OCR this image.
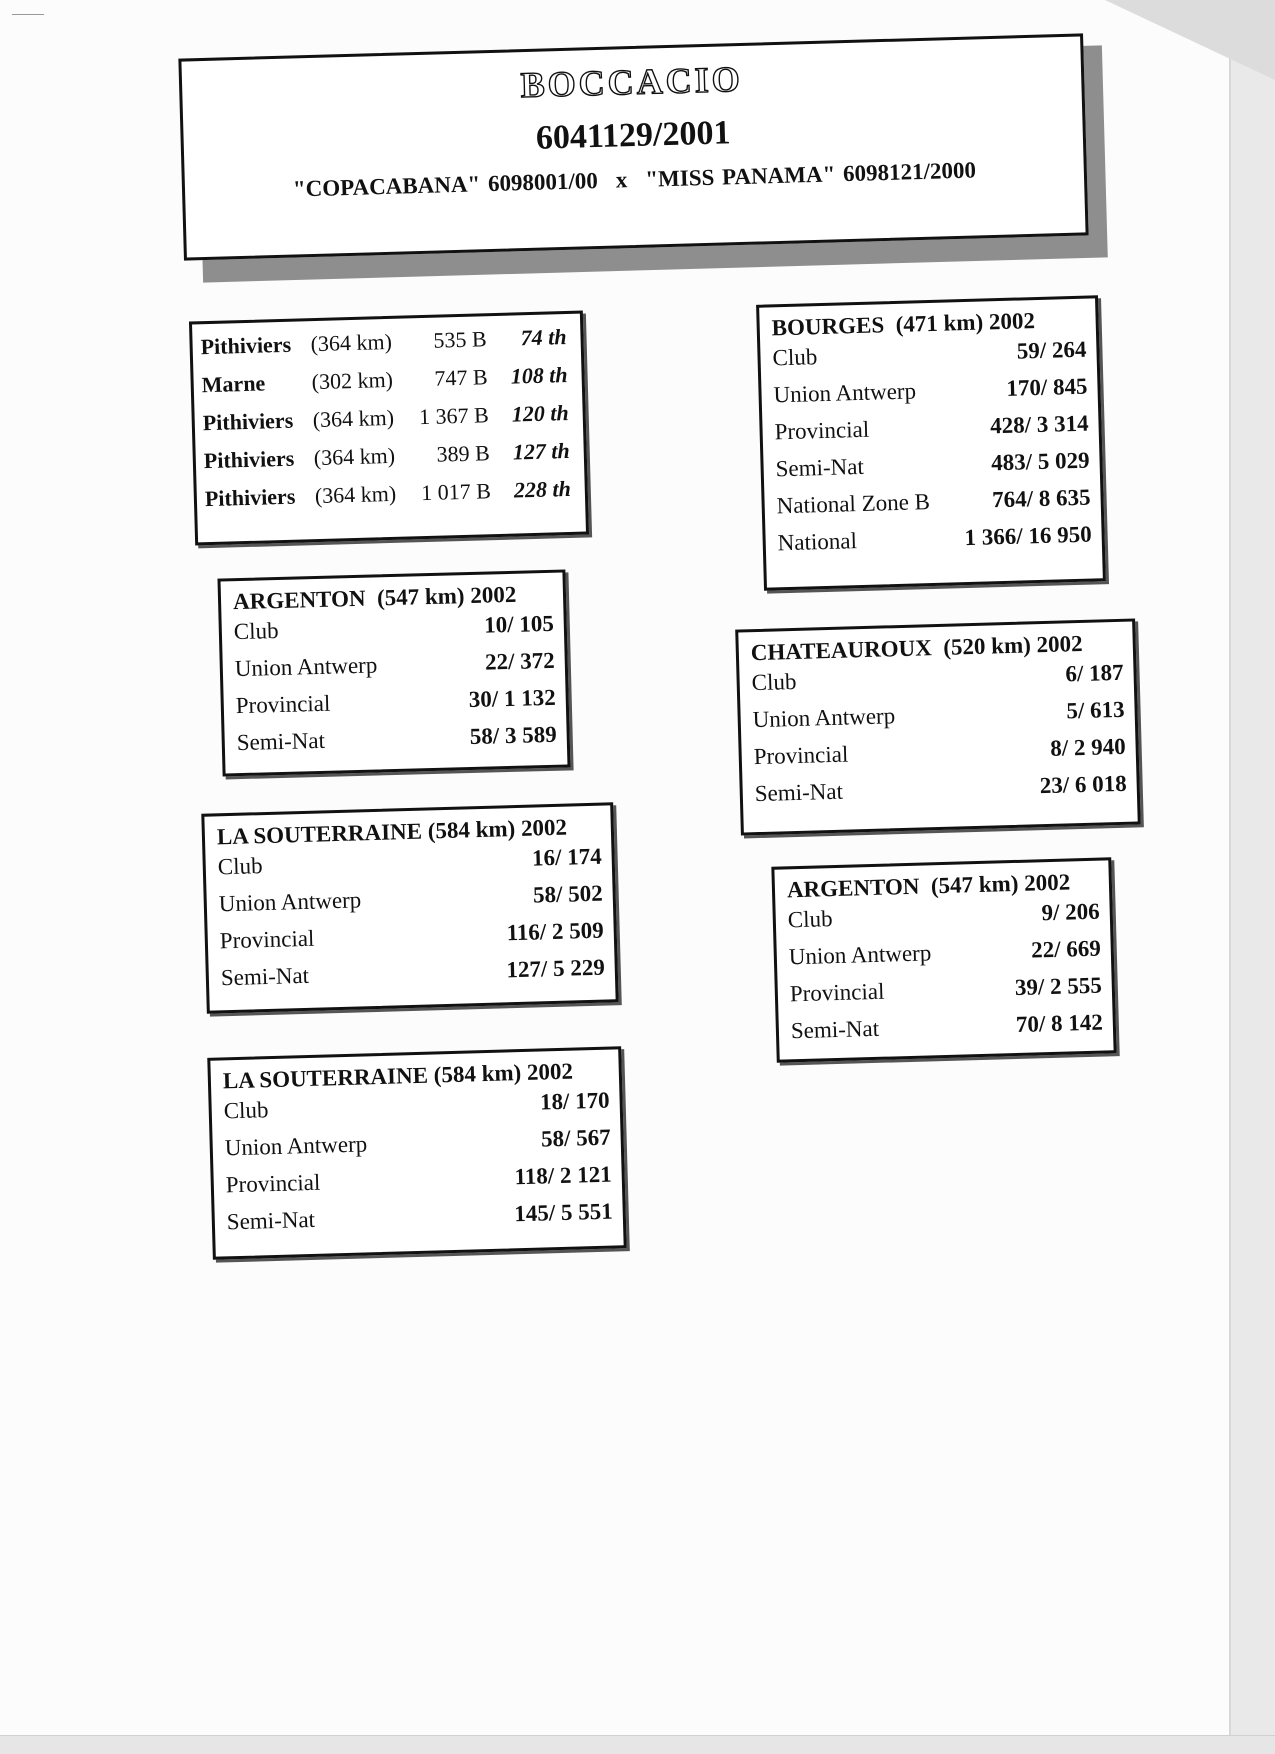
BOCCACIO
6041129/2001
"COPACABANA" 6098001/00 x "MISS PANAMA" 6098121/2000
Pithiviers (364 km)	535 B	74 th
Marne	(302 km)	747 B	108 th
Pithiviers (364 km)	1 367 B	120 th
Pithiviers (364 km)	389 B	127 th
Pithiviers (364 km)	1 017 B	228 th
ARGENTON (547 km) 2002
Club	10/ 105
Union Antwerp	22/ 372
Provincial	30/ 1 132
Semi-Nat	58/ 3 589
LA SOUTERRAINE (584 km) 2002
Club	16/ 174
Union Antwerp	58/ 502
Provincial	116/ 2 509
Semi-Nat	127/ 5 229
LA SOUTERRAINE (584 km) 2002
Club	18/ 170
Union Antwerp	58/ 567
Provincial	118/ 2 121
Semi-Nat	145/ 5 551
BOURGES (471 km) 2002
Club	59/ 264
Union Antwerp	170/ 845
Provincial	428/ 3 314
Semi-Nat	483/ 5 029
National Zone B	764/ 8 635
National	1 366/ 16 950
CHATEAUROUX (520 km) 2002
Club	6/ 187
Union Antwerp	5/ 613
Provincial	8/ 2 940
Semi-Nat	23/ 6 018
ARGENTON (547 km) 2002
Club	9/ 206
Union Antwerp	22/ 669
Provincial	39/ 2 555
Semi-Nat	70/ 8 142
